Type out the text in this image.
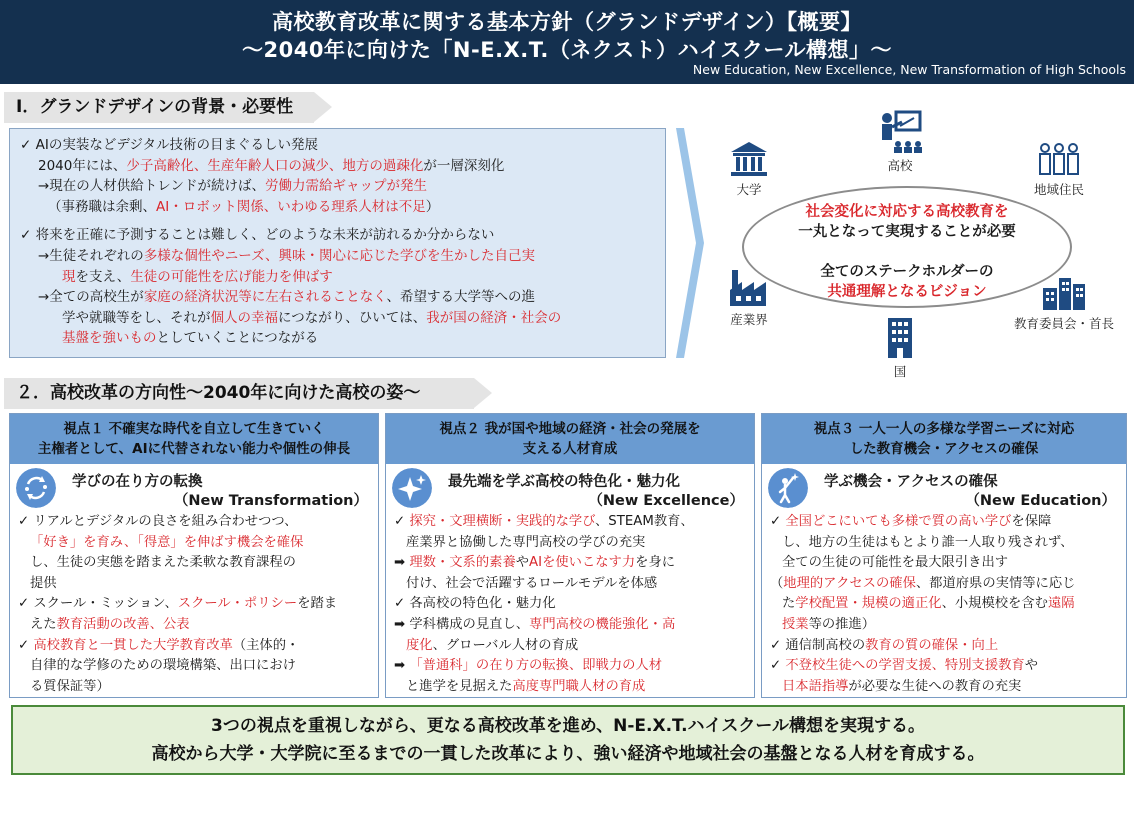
高校教育改革に関する基本方針（グランドデザイン）【概要】
～2040年に向けた「N-E.X.T.（ネクスト）ハイスクール構想」～
New Education, New Excellence, New Transformation of High Schools
Ⅰ．グランドデザインの背景・必要性

✓ AIの実装などデジタル技術の目まぐるしい発展

2040年には、少子高齢化、生産年齢人口の減少、地方の過疎化が一層深刻化

→現在の人材供給トレンドが続けば、労働力需給ギャップが発生

（事務職は余剰、AI・ロボット関係、いわゆる理系人材は不足）

✓ 将来を正確に予測することは難しく、どのような未来が訪れるか分からない

→生徒それぞれの多様な個性やニーズ、興味・関心に応じた学びを生かした自己実

現を支え、生徒の可能性を広げ能力を伸ばす

→全ての高校生が家庭の経済状況等に左右されることなく、希望する大学等への進

学や就職等をし、それが個人の幸福につながり、ひいては、我が国の経済・社会の

基盤を強いものとしていくことにつながる

社会変化に対応する高校教育を
一丸となって実現することが必要
全てのステークホルダーの
共通理解となるビジョン
大学
高校
地域住民
産業界	教育委員会・首長
国
２．高校改革の方向性～2040年に向けた高校の姿～
視点１ 不確実な時代を自立して生きていく
主権者として、AIに代替されない能力や個性の伸長
学びの在り方の転換
（New Transformation）

✓ リアルとデジタルの良さを組み合わせつつ、

「好き」を育み、「得意」を伸ばす機会を確保

し、生徒の実態を踏まえた柔軟な教育課程の

提供

✓ スクール・ミッション、スクール・ポリシーを踏ま

えた教育活動の改善、公表

✓ 高校教育と一貫した大学教育改革（主体的・

自律的な学修のための環境構築、出口におけ

る質保証等）

視点２ 我が国や地域の経済・社会の発展を
支える人材育成
最先端を学ぶ高校の特色化・魅力化
（New Excellence）

✓ 探究・文理横断・実践的な学び、STEAM教育、

産業界と協働した専門高校の学びの充実

➡ 理数・文系的素養やAIを使いこなす力を身に

付け、社会で活躍するロールモデルを体感

✓ 各高校の特色化・魅力化

➡ 学科構成の見直し、専門高校の機能強化・高

度化、グローバル人材の育成

➡ 「普通科」の在り方の転換、即戦力の人材

と進学を見据えた高度専門職人材の育成

視点３ 一人一人の多様な学習ニーズに対応
した教育機会・アクセスの確保
学ぶ機会・アクセスの確保
（New Education）

✓ 全国どこにいても多様で質の高い学びを保障

し、地方の生徒はもとより誰一人取り残されず、

全ての生徒の可能性を最大限引き出す

（地理的アクセスの確保、都道府県の実情等に応じ

た学校配置・規模の適正化、小規模校を含む遠隔

授業等の推進）

✓ 通信制高校の教育の質の確保・向上

✓ 不登校生徒への学習支援、特別支援教育や

日本語指導が必要な生徒への教育の充実

3つの視点を重視しながら、更なる高校改革を進め、N-E.X.T.ハイスクール構想を実現する。
高校から大学・大学院に至るまでの一貫した改革により、強い経済や地域社会の基盤となる人材を育成する。
